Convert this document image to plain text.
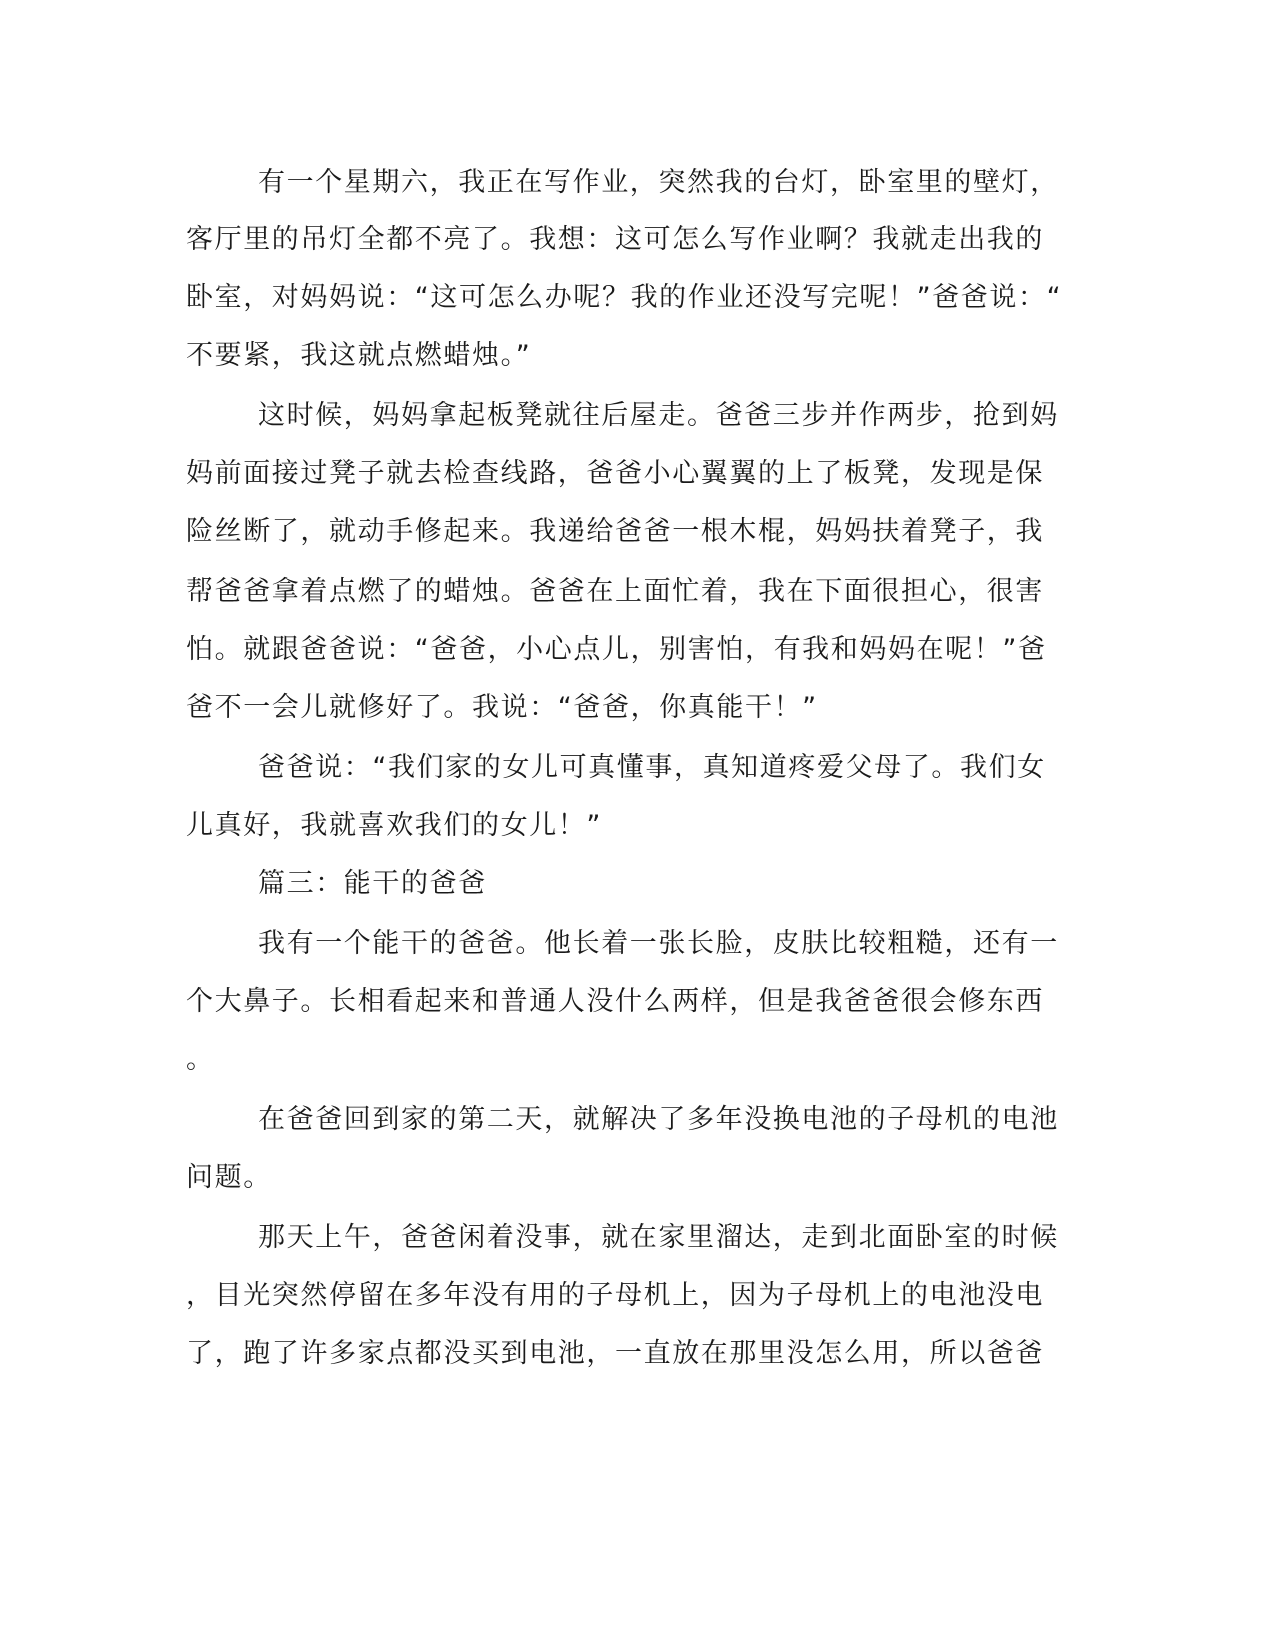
有一个星期六，我正在写作业，突然我的台灯，卧室里的壁灯，
客厅里的吊灯全都不亮了。我想：这可怎么写作业啊？我就走出我的
卧室，对妈妈说：“这可怎么办呢？我的作业还没写完呢！”爸爸说：“
不要紧，我这就点燃蜡烛。”
这时候，妈妈拿起板凳就往后屋走。爸爸三步并作两步，抢到妈
妈前面接过凳子就去检查线路，爸爸小心翼翼的上了板凳，发现是保
险丝断了，就动手修起来。我递给爸爸一根木棍，妈妈扶着凳子，我
帮爸爸拿着点燃了的蜡烛。爸爸在上面忙着，我在下面很担心，很害
怕。就跟爸爸说：“爸爸，小心点儿，别害怕，有我和妈妈在呢！”爸
爸不一会儿就修好了。我说：“爸爸，你真能干！”
爸爸说：“我们家的女儿可真懂事，真知道疼爱父母了。我们女
儿真好，我就喜欢我们的女儿！”
篇三：能干的爸爸
我有一个能干的爸爸。他长着一张长脸，皮肤比较粗糙，还有一
个大鼻子。长相看起来和普通人没什么两样，但是我爸爸很会修东西
。
在爸爸回到家的第二天，就解决了多年没换电池的子母机的电池
问题。
那天上午，爸爸闲着没事，就在家里溜达，走到北面卧室的时候
，目光突然停留在多年没有用的子母机上，因为子母机上的电池没电
了，跑了许多家点都没买到电池，一直放在那里没怎么用，所以爸爸
